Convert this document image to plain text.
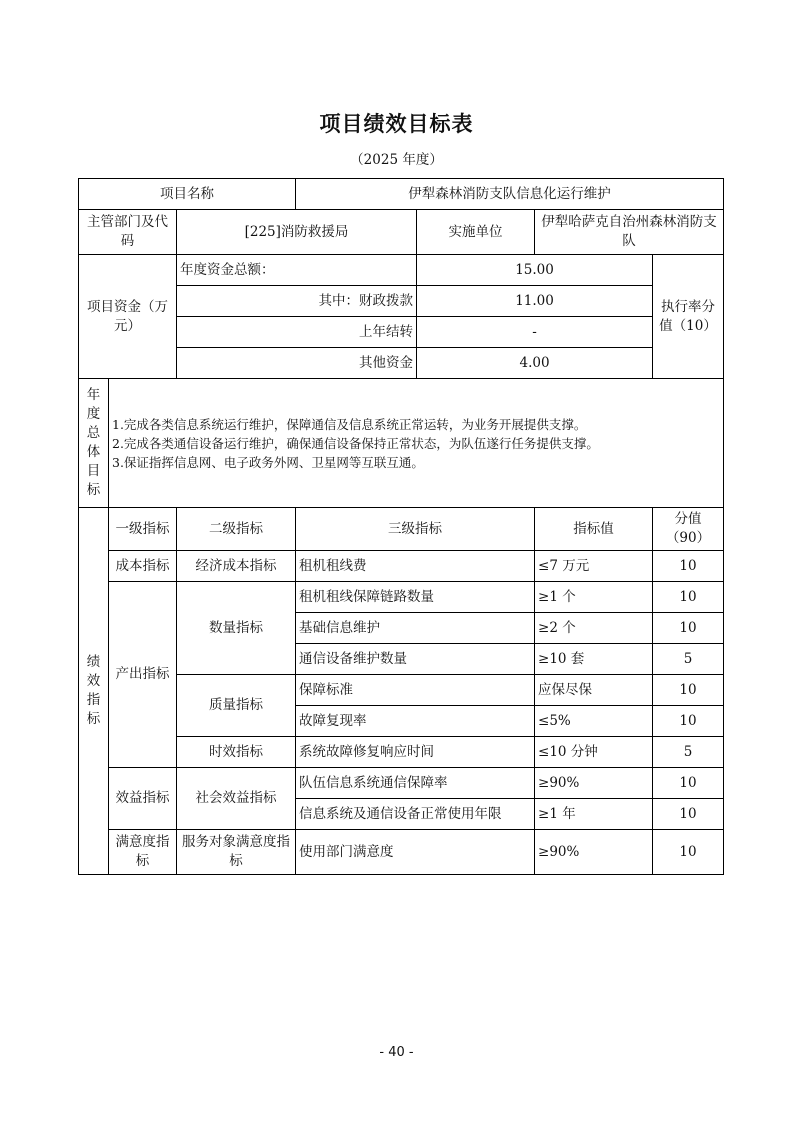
项目绩效目标表
（2025 年度）
项目名称			伊犁森林消防支队信息化运行维护			
主管部门及代码		[225]消防救援局		实施单位	伊犁哈萨克自治州森林消防支队	
项目资金（万元）		年度资金总额：		15.00		执行率分值（10）
		其中：财政拨款		11.00		
		上年结转		-		
		其他资金		4.00		

年度总体目标	1.完成各类信息系统运行维护，保障通信及信息系统正常运转，为业务开展提供支撑。
2.完成各类通信设备运行维护，确保通信设备保持正常状态，为队伍遂行任务提供支撑。
3.保证指挥信息网、电子政务外网、卫星网等互联互通。					

绩效指标	一级指标	二级指标	三级指标		指标值	分值（90）
	成本指标	经济成本指标	租机租线费		≤7 万元	10
	产出指标	数量指标	租机租线保障链路数量		≥1 个	10
			基础信息维护		≥2 个	10
			通信设备维护数量		≥10 套	5
		质量指标	保障标准		应保尽保	10
			故障复现率		≤5%	10
		时效指标	系统故障修复响应时间		≤10 分钟	5
	效益指标	社会效益指标	队伍信息系统通信保障率		≥90%	10
			信息系统及通信设备正常使用年限		≥1 年	10
	满意度指标	服务对象满意度指标	使用部门满意度		≥90%	10
- 40 -
